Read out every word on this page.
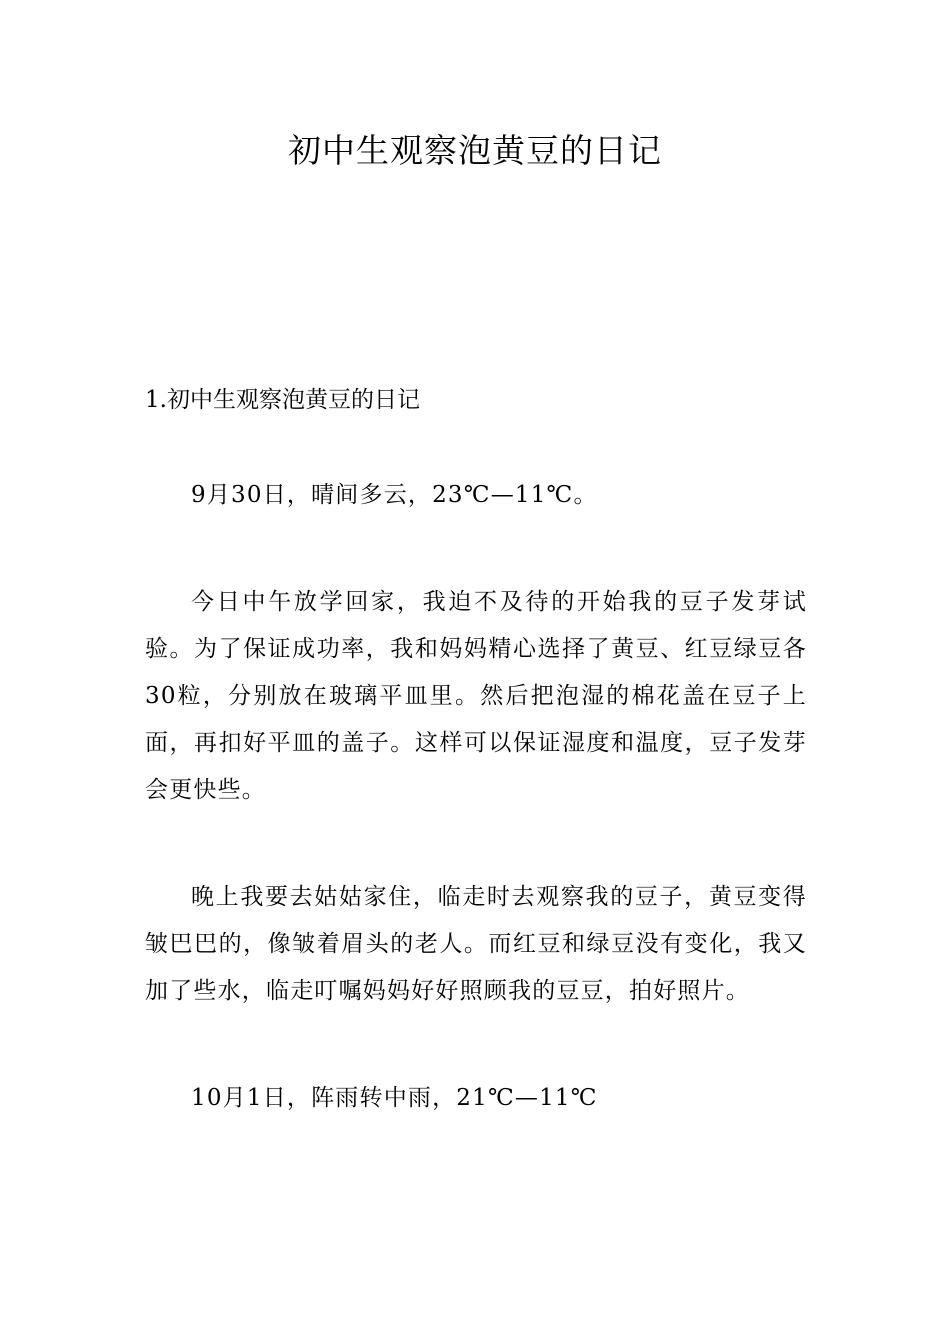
初中生观察泡黄豆的日记
1.初中生观察泡黄豆的日记

9月30日，晴间多云，23℃—11℃。

今日中午放学回家，我迫不及待的开始我的豆子发芽试验。为了保证成功率，我和妈妈精心选择了黄豆、红豆绿豆各30粒，分别放在玻璃平皿里。然后把泡湿的棉花盖在豆子上面，再扣好平皿的盖子。这样可以保证湿度和温度，豆子发芽会更快些。

晚上我要去姑姑家住，临走时去观察我的豆子，黄豆变得皱巴巴的，像皱着眉头的老人。而红豆和绿豆没有变化，我又加了些水，临走叮嘱妈妈好好照顾我的豆豆，拍好照片。

10月1日，阵雨转中雨，21℃—11℃
